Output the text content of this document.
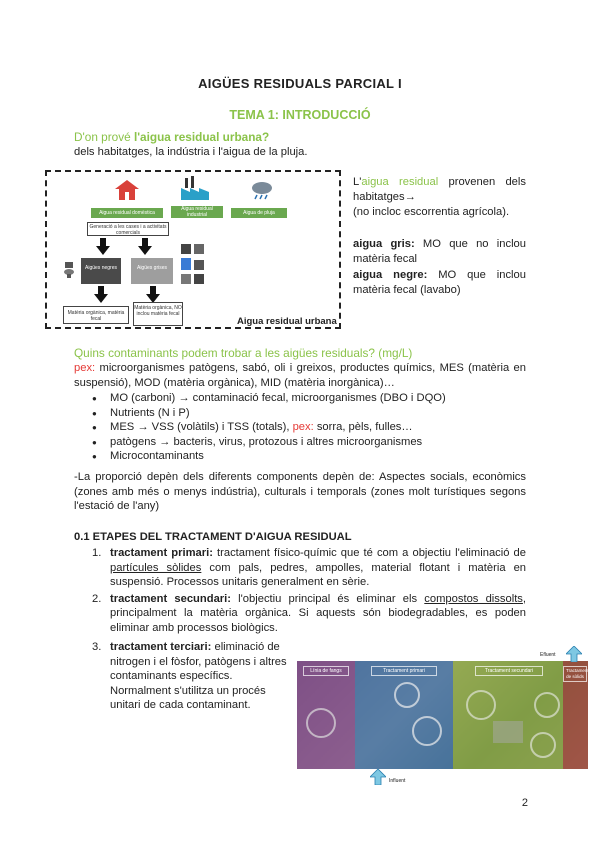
AIGÜES RESIDUALS PARCIAL I
TEMA 1: INTRODUCCIÓ
D'on prové l'aigua residual urbana?
dels habitatges, la indústria i l'aigua de la pluja.
Aigua residual domèstica
Aigua residual industrial	Aigua de pluja
Generació a les cases i a activitats comercials
Aigües negres	Aigües grises
Matèria orgànica, matèria fecal
Matèria orgànica, NO inclou matèria fecal
Aigua residual urbana
L'aigua residual provenen dels habitatges→
(no incloc escorrentia agrícola).
aigua gris: MO que no inclou matèria fecal
aigua negre: MO que inclou matèria fecal (lavabo)
Quins contaminants podem trobar a les aigües residuals? (mg/L)
pex: microorganismes patògens, sabó, oli i greixos, productes químics, MES (matèria en suspensió), MOD (matèria orgànica), MID (matèria inorgànica)…
● MO (carboni) → contaminació fecal, microorganismes (DBO i DQO)
● Nutrients (N i P)
● MES → VSS (volàtils) i TSS (totals), pex: sorra, pèls, fulles…
● patògens → bacteris, virus, protozous i altres microorganismes
● Microcontaminants
-La proporció depèn dels diferents components depèn de: Aspectes socials, econòmics (zones amb més o menys indústria), culturals i temporals (zones molt turístiques segons l'estació de l'any)
0.1 ETAPES DEL TRACTAMENT D'AIGUA RESIDUAL
1. tractament primari: tractament físico-químic que té com a objectiu l'eliminació de partícules sòlides com pals, pedres, ampolles, material flotant i matèria en suspensió. Processos unitaris generalment en sèrie.
2. tractament secundari: l'objectiu principal és eliminar els compostos dissolts, principalment la matèria orgànica. Si aquests són biodegradables, es poden eliminar amb processos biològics.
3. tractament terciari: eliminació de nitrogen i el fòsfor, patògens i altres contaminants específics. Normalment s'utilitza un procés unitari de cada contaminant.
Línia de fangs	Tractament primari	Tractament secundari	Tractament de sòlids
Efluent
Influent
2
